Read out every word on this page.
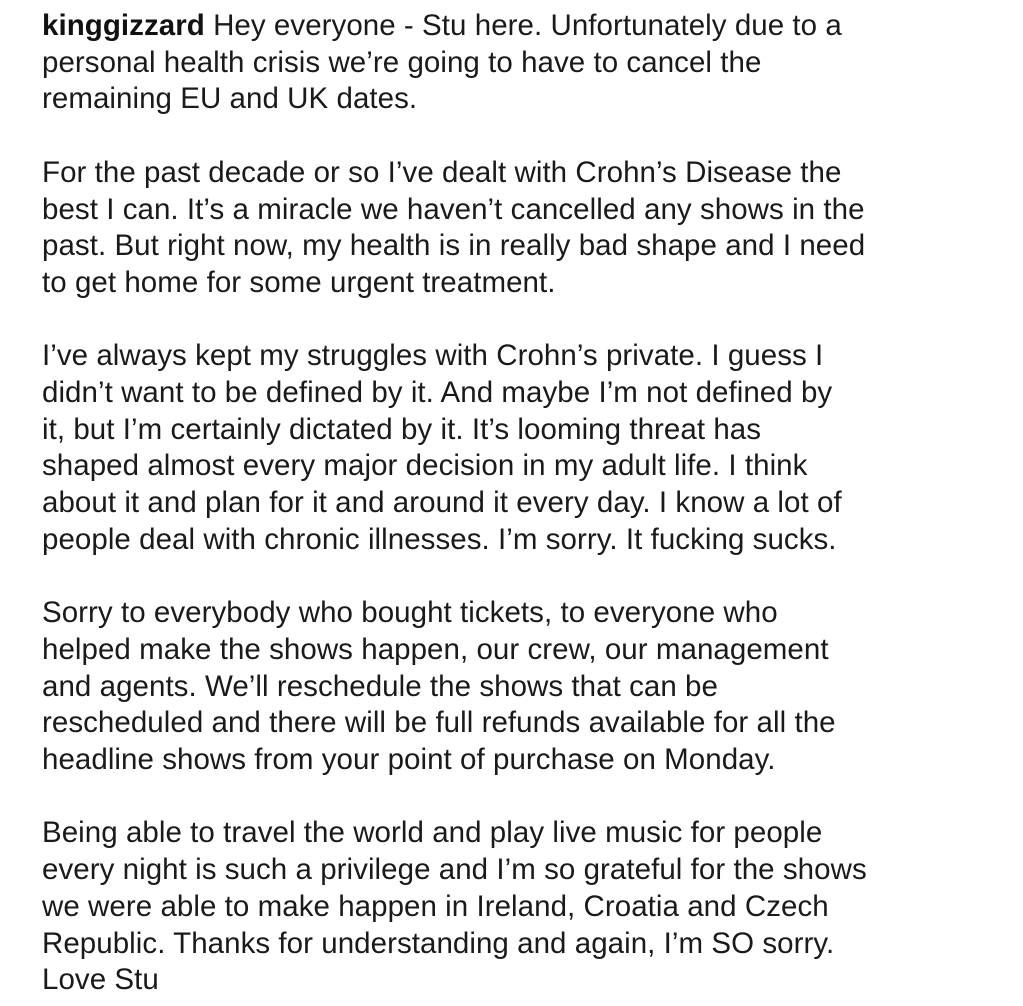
kinggizzard Hey everyone - Stu here. Unfortunately due to a
personal health crisis we’re going to have to cancel the
remaining EU and UK dates.

For the past decade or so I’ve dealt with Crohn’s Disease the
best I can. It’s a miracle we haven’t cancelled any shows in the
past. But right now, my health is in really bad shape and I need
to get home for some urgent treatment.

I’ve always kept my struggles with Crohn’s private. I guess I
didn’t want to be defined by it. And maybe I’m not defined by
it, but I’m certainly dictated by it. It’s looming threat has
shaped almost every major decision in my adult life. I think
about it and plan for it and around it every day. I know a lot of
people deal with chronic illnesses. I’m sorry. It fucking sucks.

Sorry to everybody who bought tickets, to everyone who
helped make the shows happen, our crew, our management
and agents. We’ll reschedule the shows that can be
rescheduled and there will be full refunds available for all the
headline shows from your point of purchase on Monday.

Being able to travel the world and play live music for people
every night is such a privilege and I’m so grateful for the shows
we were able to make happen in Ireland, Croatia and Czech
Republic. Thanks for understanding and again, I’m SO sorry.
Love Stu
